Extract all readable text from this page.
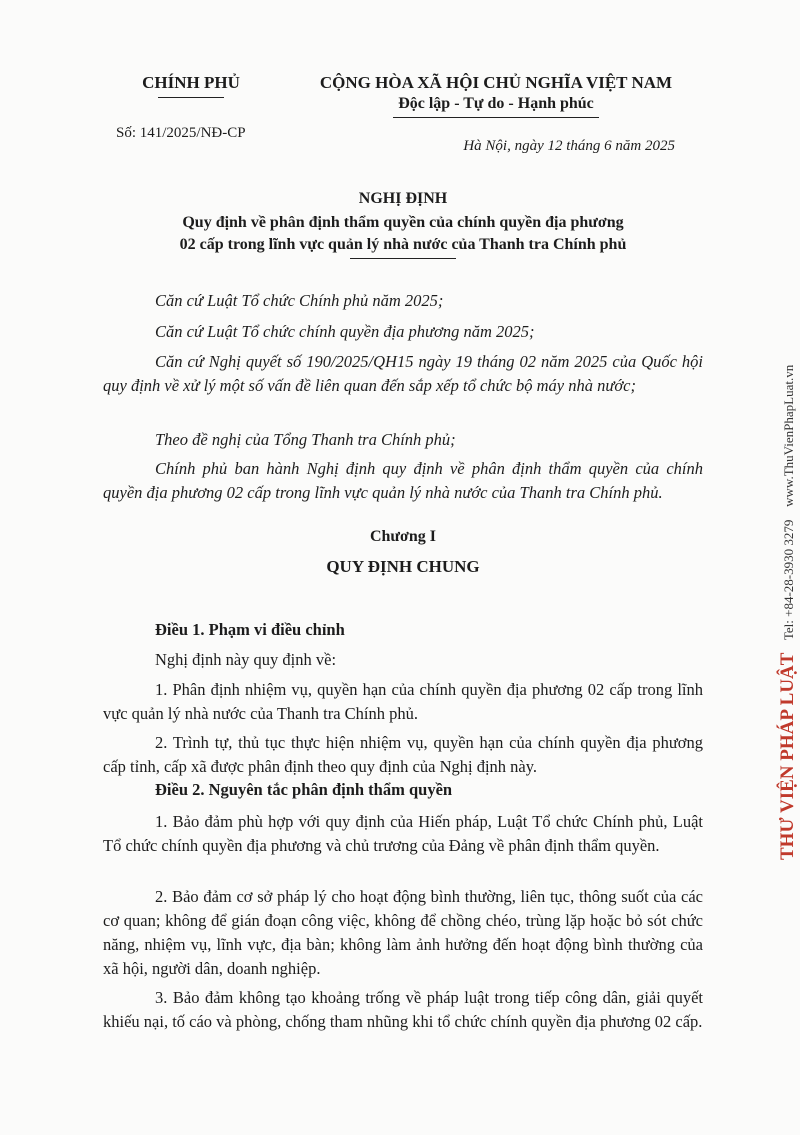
CHÍNH PHỦ	CỘNG HÒA XÃ HỘI CHỦ NGHĨA VIỆT NAM
Độc lập - Tự do - Hạnh phúc
Số: 141/2025/NĐ-CP
Hà Nội, ngày 12 tháng 6 năm 2025
NGHỊ ĐỊNH
Quy định về phân định thẩm quyền của chính quyền địa phương
02 cấp trong lĩnh vực quản lý nhà nước của Thanh tra Chính phủ
Căn cứ Luật Tổ chức Chính phủ năm 2025;
Căn cứ Luật Tổ chức chính quyền địa phương năm 2025;
Căn cứ Nghị quyết số 190/2025/QH15 ngày 19 tháng 02 năm 2025 của Quốc hội quy định về xử lý một số vấn đề liên quan đến sắp xếp tổ chức bộ máy nhà nước;
Theo đề nghị của Tổng Thanh tra Chính phủ;
Chính phủ ban hành Nghị định quy định về phân định thẩm quyền của chính quyền địa phương 02 cấp trong lĩnh vực quản lý nhà nước của Thanh tra Chính phủ.
Chương I
QUY ĐỊNH CHUNG
Điều 1. Phạm vi điều chỉnh
Nghị định này quy định về:
1. Phân định nhiệm vụ, quyền hạn của chính quyền địa phương 02 cấp trong lĩnh vực quản lý nhà nước của Thanh tra Chính phủ.
2. Trình tự, thủ tục thực hiện nhiệm vụ, quyền hạn của chính quyền địa phương cấp tỉnh, cấp xã được phân định theo quy định của Nghị định này.
Điều 2. Nguyên tắc phân định thẩm quyền
1. Bảo đảm phù hợp với quy định của Hiến pháp, Luật Tổ chức Chính phủ, Luật Tổ chức chính quyền địa phương và chủ trương của Đảng về phân định thẩm quyền.
2. Bảo đảm cơ sở pháp lý cho hoạt động bình thường, liên tục, thông suốt của các cơ quan; không để gián đoạn công việc, không để chồng chéo, trùng lặp hoặc bỏ sót chức năng, nhiệm vụ, lĩnh vực, địa bàn; không làm ảnh hưởng đến hoạt động bình thường của xã hội, người dân, doanh nghiệp.
3. Bảo đảm không tạo khoảng trống về pháp luật trong tiếp công dân, giải quyết khiếu nại, tố cáo và phòng, chống tham nhũng khi tổ chức chính quyền địa phương 02 cấp.
THƯ VIỆN PHÁP LUẬT Tel: +84-28-3930 3279 www.ThuVienPhapLuat.vn
